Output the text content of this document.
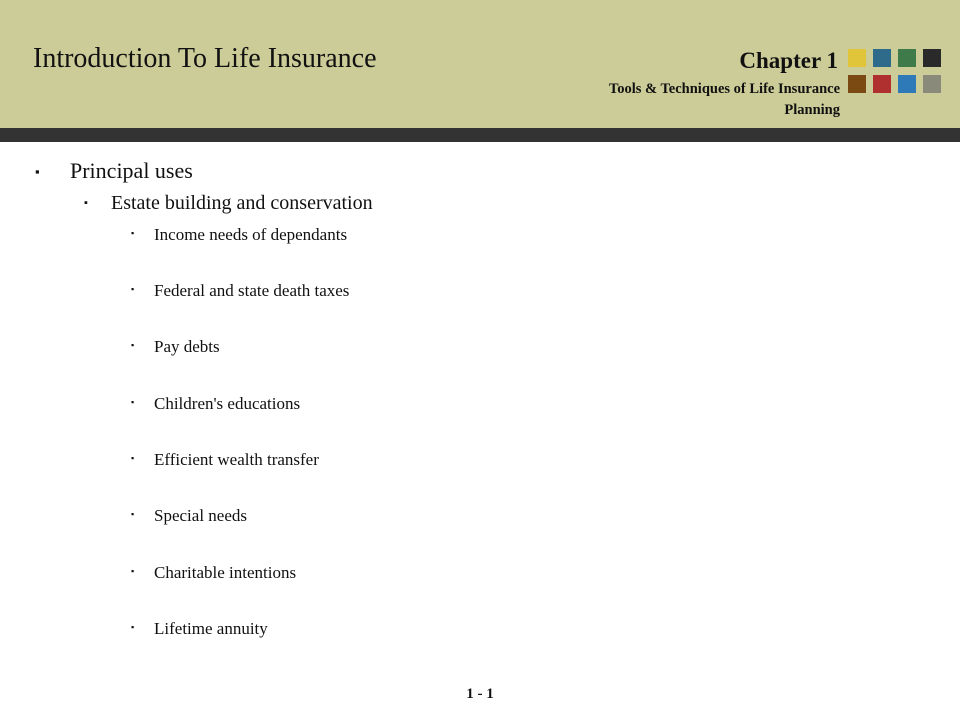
Introduction To Life Insurance	Chapter 1
Tools & Techniques of Life Insurance Planning
▪ Principal uses
▪ Estate building and conservation
▪ Income needs of dependants
▪ Federal and state death taxes
▪ Pay debts
▪ Children's educations
▪ Efficient wealth transfer
▪ Special needs
▪ Charitable intentions
▪ Lifetime annuity
1 - 1
